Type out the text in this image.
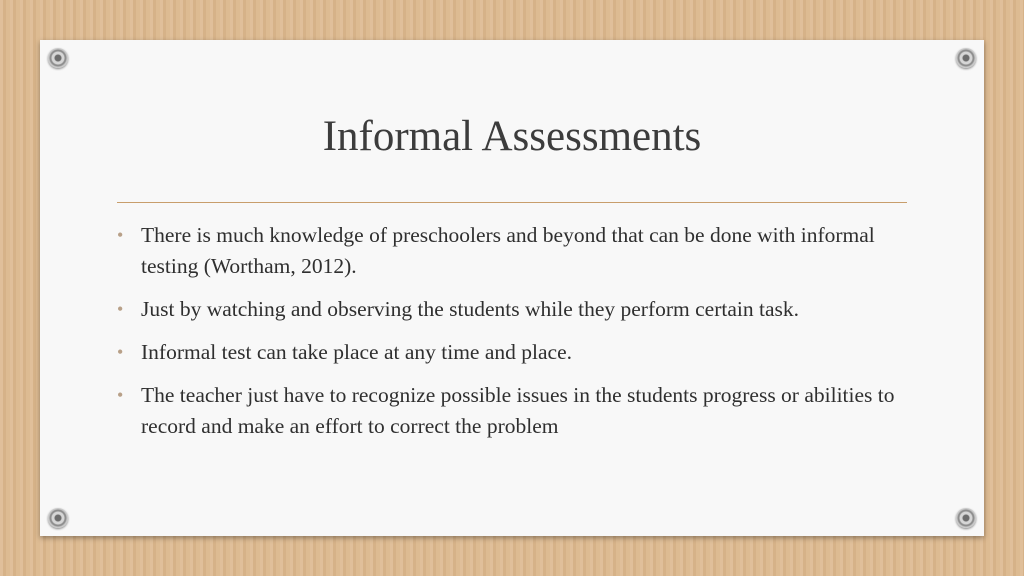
Informal Assessments
• There is much knowledge of preschoolers and beyond that can be done with informal testing (Wortham, 2012).
• Just by watching and observing the students while they perform certain task.
• Informal test can take place at any time and place.
• The teacher just have to recognize possible issues in the students progress or abilities to record and make an effort to correct the problem
